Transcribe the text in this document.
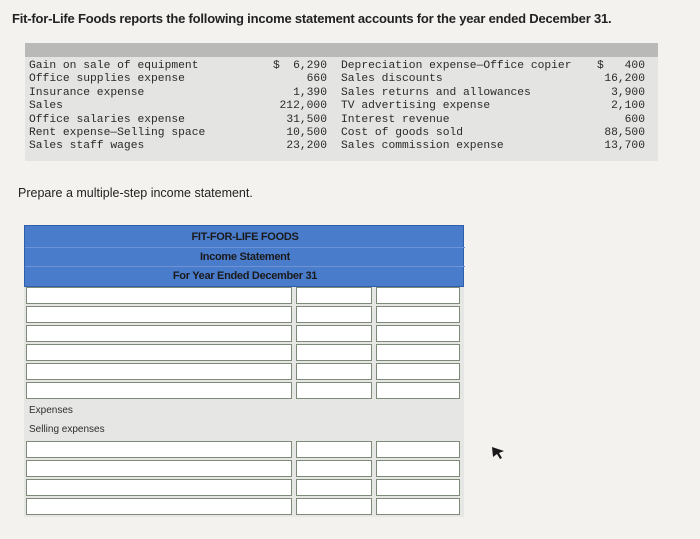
Fit-for-Life Foods reports the following income statement accounts for the year ended December 31.
Gain on sale of equipment
Office supplies expense
Insurance expense
Sales
Office salaries expense
Rent expense—Selling space
Sales staff wages
$	6,290
660
1,390
212,000
31,500
10,500
23,200
Depreciation expense—Office copier
Sales discounts
Sales returns and allowances
TV advertising expense
Interest revenue
Cost of goods sold
Sales commission expense
$	400
16,200
3,900
2,100
600
88,500
13,700
Prepare a multiple-step income statement.
FIT-FOR-LIFE FOODS
Income Statement
For Year Ended December 31
Expenses
Selling expenses
